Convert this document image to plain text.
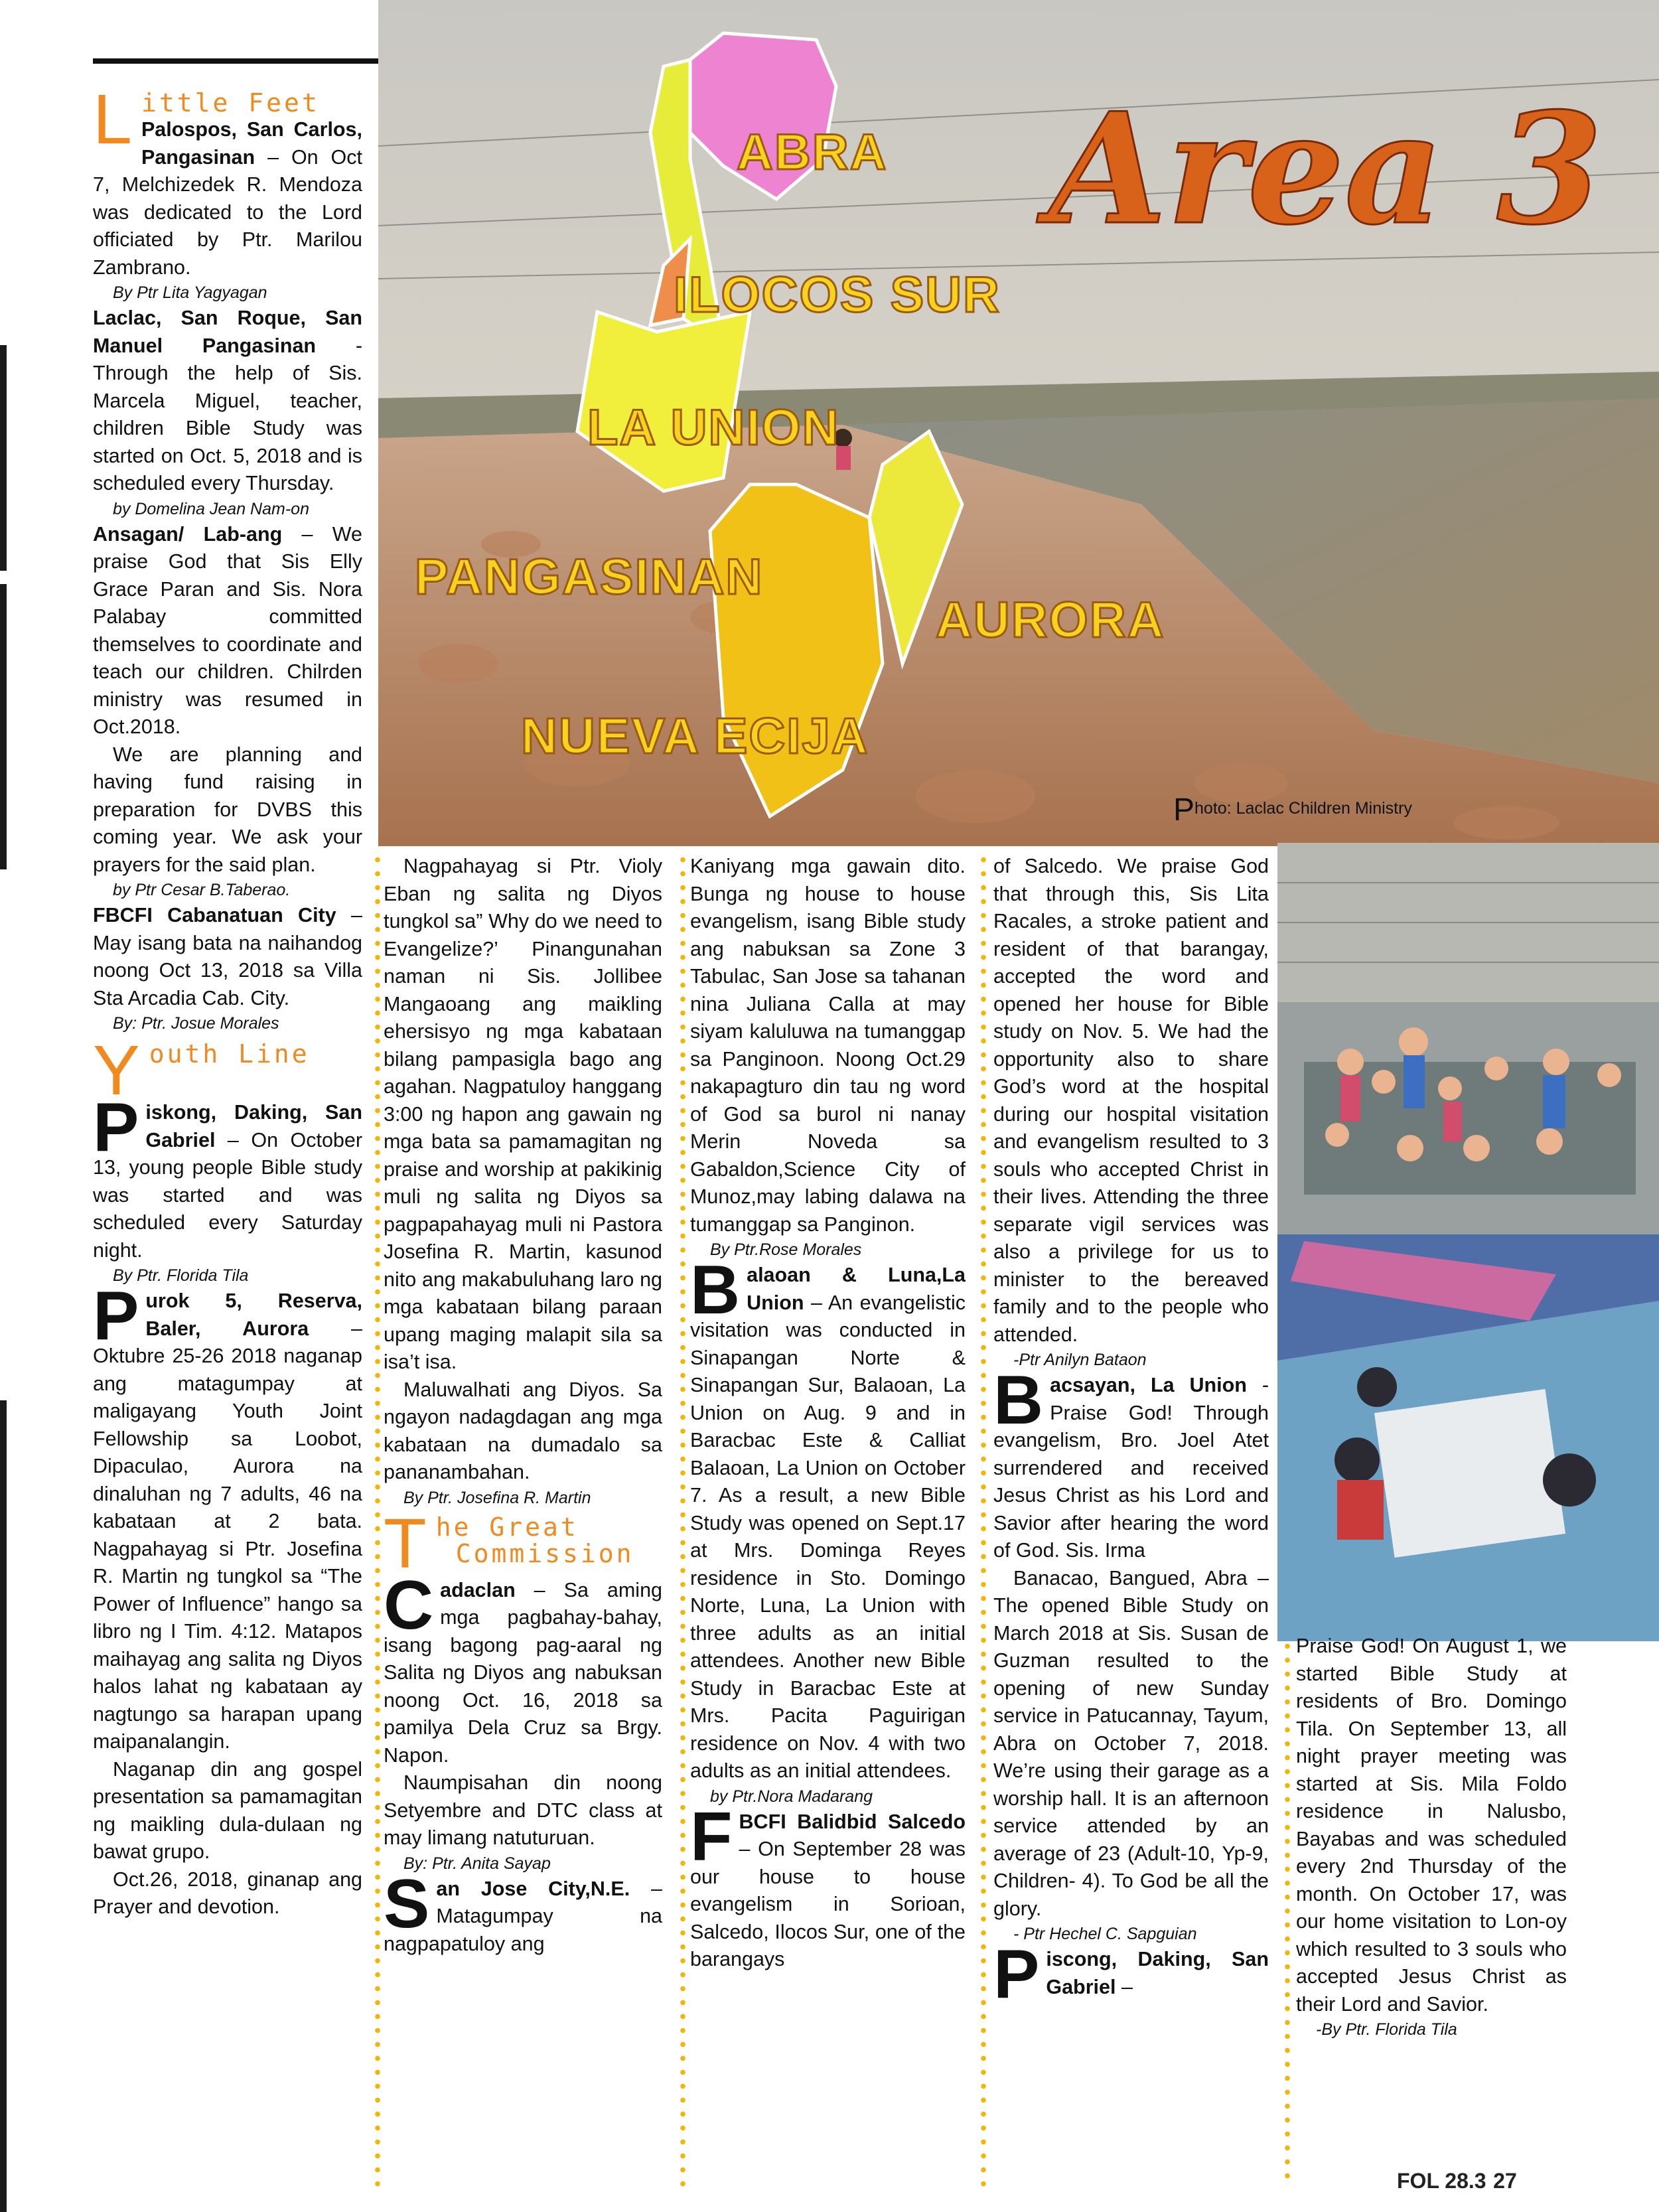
ABRA
ILOCOS SUR
LA UNION
PANGASINAN
AURORA
NUEVA ECIJA
Area 3
Photo: Laclac Children Ministry
Little Feet

Palospos, San Carlos, Pangasinan – On Oct 7, Melchizedek R. Mendoza was dedicated to the Lord officiated by Ptr. Marilou Zambrano.

By Ptr Lita Yagyagan

Laclac, San Roque, San Manuel Pangasinan - Through the help of Sis. Marcela Miguel, teacher, children Bible Study was started on Oct. 5, 2018 and is scheduled every Thursday.

by Domelina Jean Nam-on

Ansagan/ Lab-ang – We praise God that Sis Elly Grace Paran and Sis. Nora Palabay committed themselves to coordinate and teach our children. Chilrden ministry was resumed in Oct.2018.

We are planning and having fund raising in preparation for DVBS this coming year. We ask your prayers for the said plan.

by Ptr Cesar B.Taberao.

FBCFI Cabanatuan City – May isang bata na naihandog noong Oct 13, 2018 sa Villa Sta Arcadia Cab. City.

By: Ptr. Josue Morales

Youth Line

Piskong, Daking, San Gabriel – On October 13, young people Bible study was started and was scheduled every Saturday night.

By Ptr. Florida Tila

Purok 5, Reserva, Baler, Aurora – Oktubre 25-26 2018 naganap ang matagumpay at maligayang Youth Joint Fellowship sa Loobot, Dipaculao, Aurora na dinaluhan ng 7 adults, 46 na kabataan at 2 bata. Nagpahayag si Ptr. Josefina R. Martin ng tungkol sa “The Power of Influence” hango sa libro ng I Tim. 4:12. Matapos maihayag ang salita ng Diyos halos lahat ng kabataan ay nagtungo sa harapan upang maipanalangin.

Naganap din ang gospel presentation sa pamamagitan ng maikling dula-dulaan ng bawat grupo.

Oct.26, 2018, ginanap ang Prayer and devotion.

Nagpahayag si Ptr. Violy Eban ng salita ng Diyos tungkol sa” Why do we need to Evangelize?’ Pinangunahan naman ni Sis. Jollibee Mangaoang ang maikling ehersisyo ng mga kabataan bilang pampasigla bago ang agahan. Nagpatuloy hanggang 3:00 ng hapon ang gawain ng mga bata sa pamamagitan ng praise and worship at pakikinig muli ng salita ng Diyos sa pagpapahayag muli ni Pastora Josefina R. Martin, kasunod nito ang makabuluhang laro ng mga kabataan bilang paraan upang maging malapit sila sa isa’t isa.

Maluwalhati ang Diyos. Sa ngayon nadagdagan ang mga kabataan na dumadalo sa pananambahan.

By Ptr. Josefina R. Martin

The Great
Commission

Cadaclan – Sa aming mga pagbahay-bahay, isang bagong pag-aaral ng Salita ng Diyos ang nabuksan noong Oct. 16, 2018 sa pamilya Dela Cruz sa Brgy. Napon.

Naumpisahan din noong Setyembre and DTC class at may limang natuturuan.

By: Ptr. Anita Sayap

San Jose City,N.E. – Matagumpay na nagpapatuloy ang

Kaniyang mga gawain dito. Bunga ng house to house evangelism, isang Bible study ang nabuksan sa Zone 3 Tabulac, San Jose sa tahanan nina Juliana Calla at may siyam kaluluwa na tumanggap sa Panginoon. Noong Oct.29 nakapagturo din tau ng word of God sa burol ni nanay Merin Noveda sa Gabaldon,Science City of Munoz,may labing dalawa na tumanggap sa Panginon.

By Ptr.Rose Morales

Balaoan & Luna,La Union – An evangelistic visitation was conducted in Sinapangan Norte & Sinapangan Sur, Balaoan, La Union on Aug. 9 and in Baracbac Este & Calliat Balaoan, La Union on October 7. As a result, a new Bible Study was opened on Sept.17 at Mrs. Dominga Reyes residence in Sto. Domingo Norte, Luna, La Union with three adults as an initial attendees. Another new Bible Study in Baracbac Este at Mrs. Pacita Paguirigan residence on Nov. 4 with two adults as an initial attendees.

by Ptr.Nora Madarang

FBCFI Balidbid Salcedo – On September 28 was our house to house evangelism in Sorioan, Salcedo, Ilocos Sur, one of the barangays

of Salcedo. We praise God that through this, Sis Lita Racales, a stroke patient and resident of that barangay, accepted the word and opened her house for Bible study on Nov. 5. We had the opportunity also to share God’s word at the hospital during our hospital visitation and evangelism resulted to 3 souls who accepted Christ in their lives. Attending the three separate vigil services was also a privilege for us to minister to the bereaved family and to the people who attended.

-Ptr Anilyn Bataon

Bacsayan, La Union - Praise God! Through evangelism, Bro. Joel Atet surrendered and received Jesus Christ as his Lord and Savior after hearing the word of God. Sis. Irma

Banacao, Bangued, Abra – The opened Bible Study on March 2018 at Sis. Susan de Guzman resulted to the opening of new Sunday service in Patucannay, Tayum, Abra on October 7, 2018. We’re using their garage as a worship hall. It is an afternoon service attended by an average of 23 (Adult-10, Yp-9, Children- 4). To God be all the glory.

- Ptr Hechel C. Sapguian

Piscong, Daking, San Gabriel –

Praise God! On August 1, we started Bible Study at residents of Bro. Domingo Tila. On September 13, all night prayer meeting was started at Sis. Mila Foldo residence in Nalusbo, Bayabas and was scheduled every 2nd Thursday of the month. On October 17, was our home visitation to Lon-oy which resulted to 3 souls who accepted Jesus Christ as their Lord and Savior.

-By Ptr. Florida Tila

FOL 28.3 27
